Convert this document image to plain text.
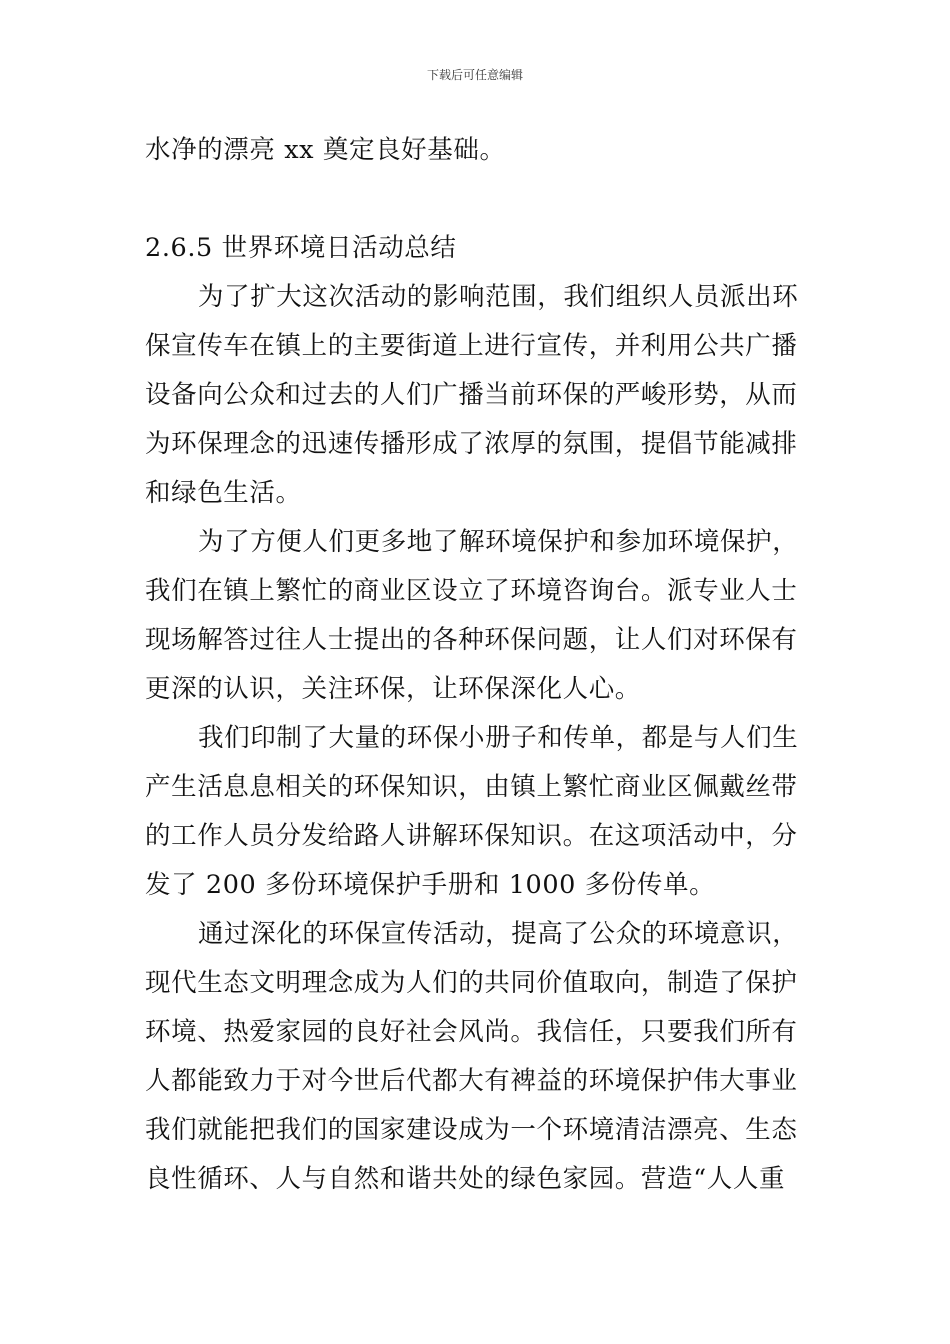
下载后可任意编辑
水净的漂亮 xx 奠定良好基础。
2.6.5 世界环境日活动总结
为了扩大这次活动的影响范围，我们组织人员派出环
保宣传车在镇上的主要街道上进行宣传，并利用公共广播
设备向公众和过去的人们广播当前环保的严峻形势，从而
为环保理念的迅速传播形成了浓厚的氛围，提倡节能减排
和绿色生活。
为了方便人们更多地了解环境保护和参加环境保护，
我们在镇上繁忙的商业区设立了环境咨询台。派专业人士
现场解答过往人士提出的各种环保问题，让人们对环保有
更深的认识，关注环保，让环保深化人心。
我们印制了大量的环保小册子和传单，都是与人们生
产生活息息相关的环保知识，由镇上繁忙商业区佩戴丝带
的工作人员分发给路人讲解环保知识。在这项活动中，分
发了 200 多份环境保护手册和 1000 多份传单。
通过深化的环保宣传活动，提高了公众的环境意识，
现代生态文明理念成为人们的共同价值取向，制造了保护
环境、热爱家园的良好社会风尚。我信任，只要我们所有
人都能致力于对今世后代都大有裨益的环境保护伟大事业
我们就能把我们的国家建设成为一个环境清洁漂亮、生态
良性循环、人与自然和谐共处的绿色家园。营造“人人重
